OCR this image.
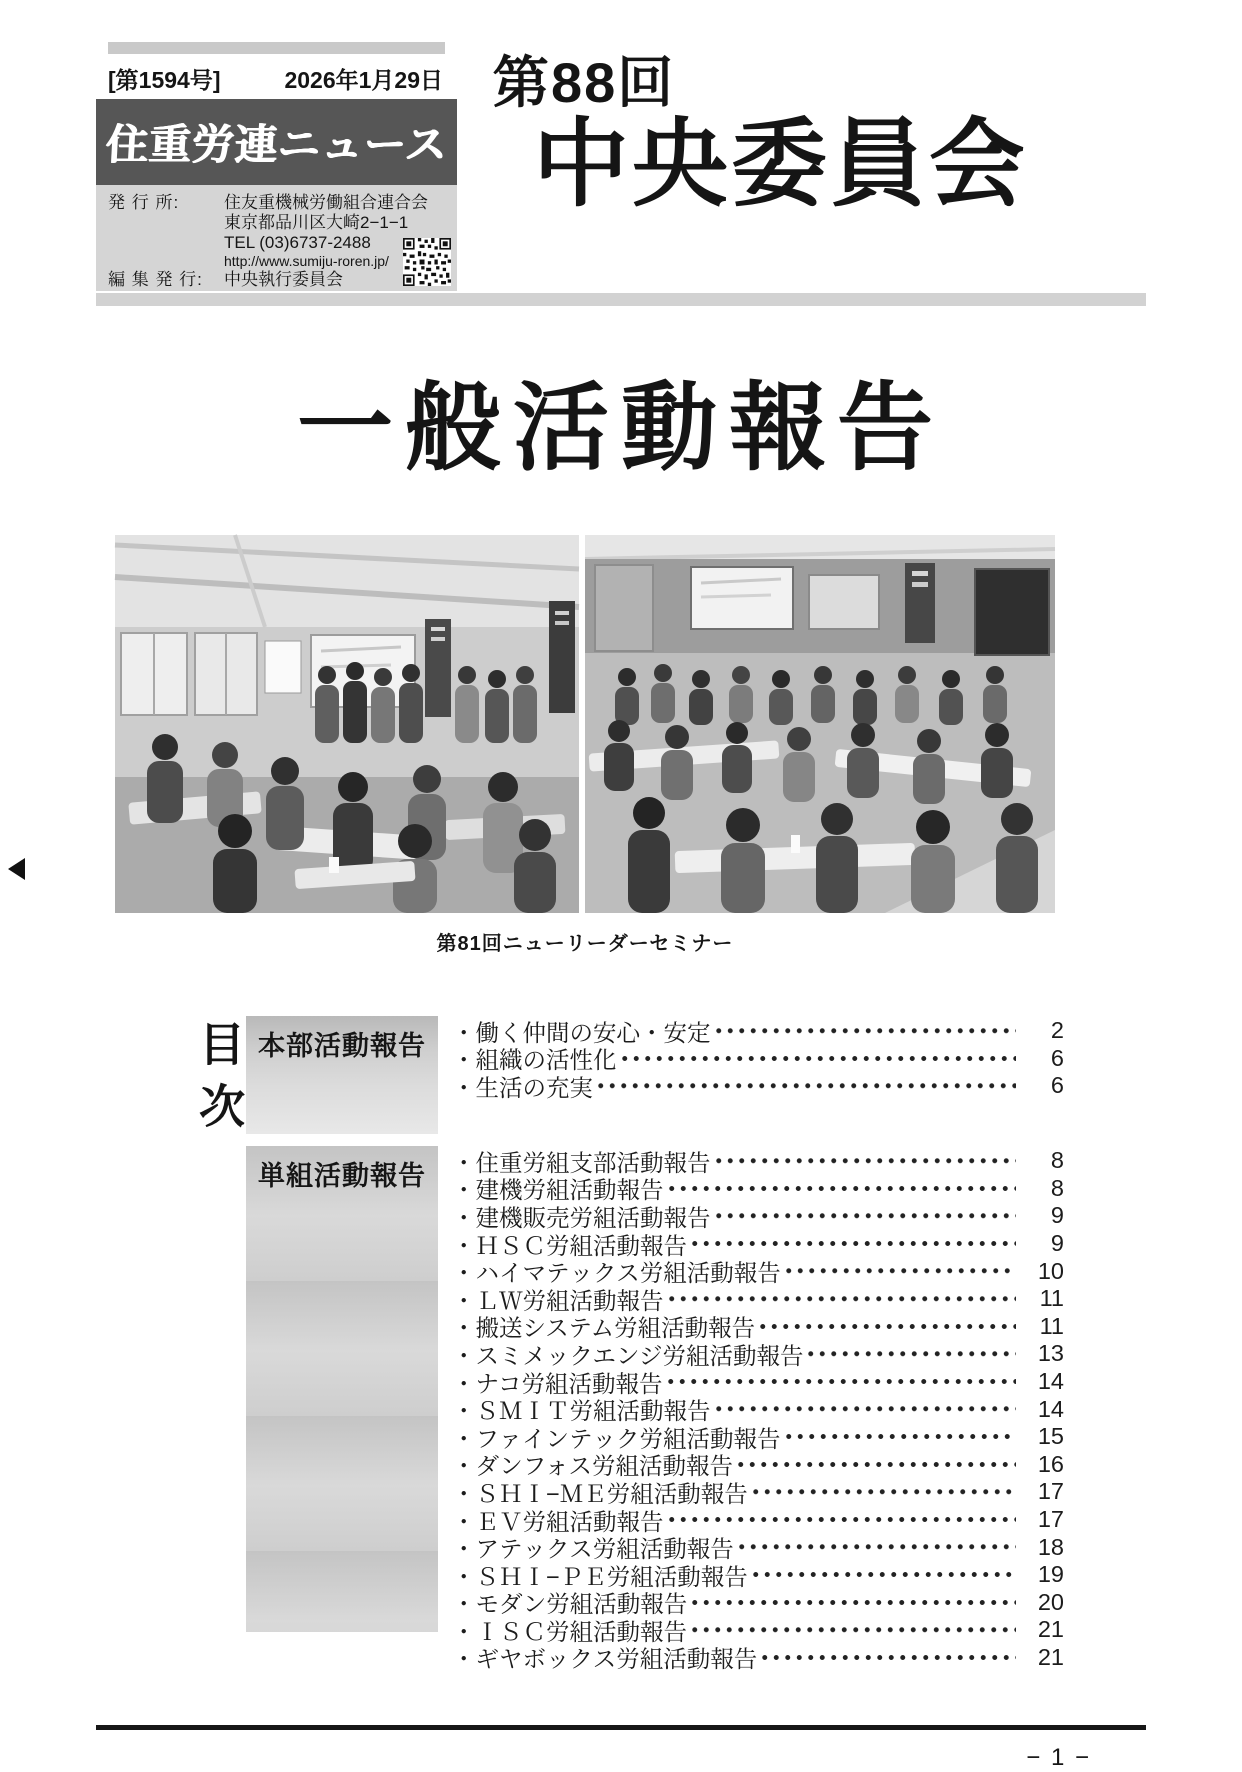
[第1594号]	2026年1月29日
住重労連ニュース
発 行 所:	住友重機械労働組合連合会
東京都品川区大崎2−1−1
TEL (03)6737-2488
http://www.sumiju-roren.jp/
編 集 発 行:	中央執行委員会
第88回
中央委員会
一般活動報告
第81回ニューリーダーセミナー
目次 本部活動報告	・ 働く仲間の安心・安定	2
・ 組織の活性化	6
・ 生活の充実	6
単組活動報告	・ 住重労組支部活動報告	8
・ 建機労組活動報告	8
・ 建機販売労組活動報告	9
・ ＨＳＣ労組活動報告	9
・ ハイマテックス労組活動報告	10
・ ＬＷ労組活動報告	11
・ 搬送システム労組活動報告	11
・ スミメックエンジ労組活動報告	13
・ ナコ労組活動報告	14
・ ＳＭＩＴ労組活動報告	14
・ ファインテック労組活動報告	15
・ ダンフォス労組活動報告	16
・ ＳＨＩ−ＭＥ労組活動報告	17
・ ＥＶ労組活動報告	17
・ アテックス労組活動報告	18
・ ＳＨＩ−ＰＥ労組活動報告	19
・ モダン労組活動報告	20
・ ＩＳＣ労組活動報告	21
・ ギヤボックス労組活動報告	21
− 1 −
